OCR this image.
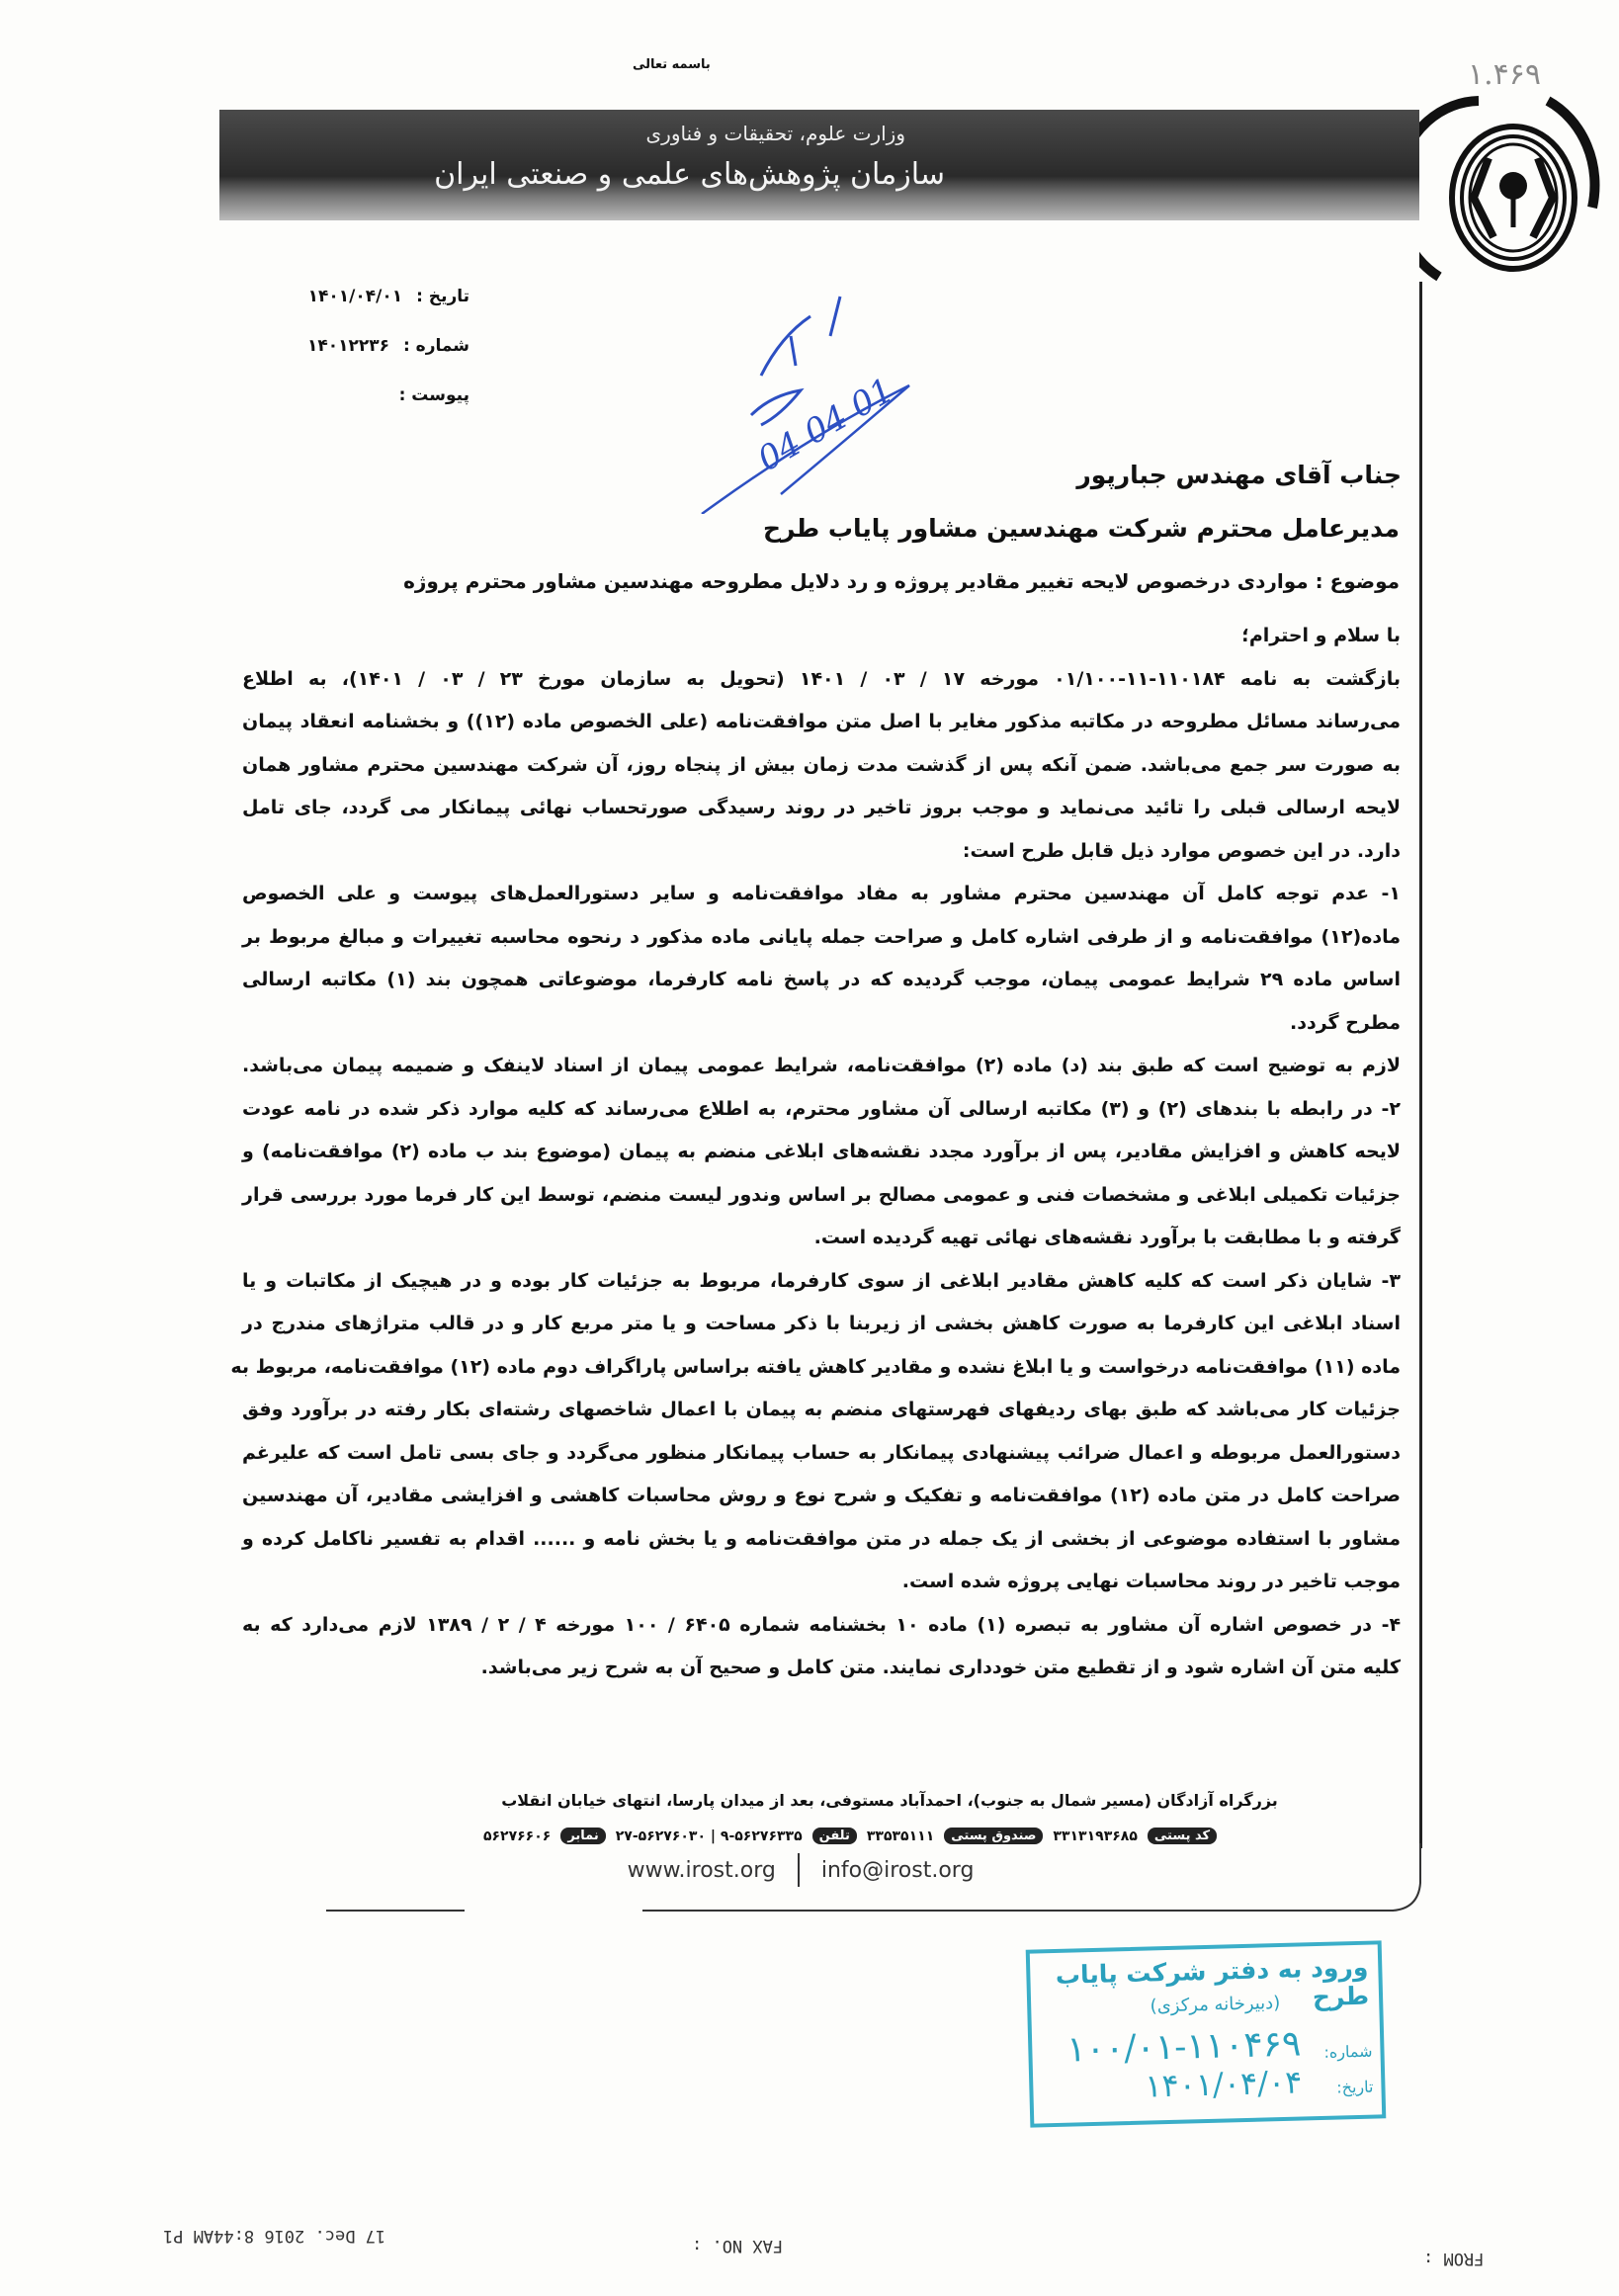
باسمه تعالی	۱.۴۶۹
وزارت علوم، تحقیقات و فناوری
سازمان پژوهش‌های علمی و صنعتی ایران
تاریخ :۱۴۰۱/۰۴/۰۱
شماره :۱۴۰۱۲۲۳۶
پیوست :	04 04 01	جناب آقای مهندس جبارپور
مدیرعامل محترم شرکت مهندسین مشاور پایاب طرح
موضوع : مواردی درخصوص لایحه تغییر مقادیر پروژه و رد دلایل مطروحه مهندسین مشاور محترم پروژه
با سلام و احترام؛
بازگشت به نامه ۱۱۰۱۸۴-۱۱-۰۱/۱۰۰ مورخه ۱۷ / ۰۳ / ۱۴۰۱ (تحویل به سازمان مورخ ۲۳ / ۰۳ / ۱۴۰۱)، به اطلاع
می‌رساند مسائل مطروحه در مکاتبه مذکور مغایر با اصل متن موافقت‌نامه (علی الخصوص ماده (۱۲)) و بخشنامه انعقاد پیمان
به صورت سر جمع می‌باشد. ضمن آنکه پس از گذشت مدت زمان بیش از پنجاه روز، آن شرکت مهندسین محترم مشاور همان
لایحه ارسالی قبلی را تائید می‌نماید و موجب بروز تاخیر در روند رسیدگی صورتحساب نهائی پیمانکار می گردد، جای تامل
دارد. در این خصوص موارد ذیل قابل طرح است:
۱- عدم توجه کامل آن مهندسین محترم مشاور به مفاد موافقت‌نامه و سایر دستورالعمل‌های پیوست و علی الخصوص
ماده(۱۲) موافقت‌نامه و از طرفی اشاره کامل و صراحت جمله پایانی ماده مذکور د رنحوه محاسبه تغییرات و مبالغ مربوط بر
اساس ماده ۲۹ شرایط عمومی پیمان، موجب گردیده که در پاسخ نامه کارفرما، موضوعاتی همچون بند (۱) مکاتبه ارسالی
مطرح گردد.
لازم به توضیح است که طبق بند (د) ماده (۲) موافقت‌نامه، شرایط عمومی پیمان از اسناد لاینفک و ضمیمه پیمان می‌باشد.
۲- در رابطه با بندهای (۲) و (۳) مکاتبه ارسالی آن مشاور محترم، به اطلاع می‌رساند که کلیه موارد ذکر شده در نامه عودت
لایحه کاهش و افزایش مقادیر، پس از برآورد مجدد نقشه‌های ابلاغی منضم به پیمان (موضوع بند ب ماده (۲) موافقت‌نامه) و
جزئیات تکمیلی ابلاغی و مشخصات فنی و عمومی مصالح بر اساس وندور لیست منضم، توسط این کار فرما مورد بررسی قرار
گرفته و با مطابقت با برآورد نقشه‌های نهائی تهیه گردیده است.
۳- شایان ذکر است که کلیه کاهش مقادیر ابلاغی از سوی کارفرما، مربوط به جزئیات کار بوده و در هیچیک از مکاتبات و یا
اسناد ابلاغی این کارفرما به صورت کاهش بخشی از زیربنا با ذکر مساحت و یا متر مربع کار و در قالب متراژهای مندرج در
ماده (۱۱) موافقت‌نامه درخواست و یا ابلاغ نشده و مقادیر کاهش یافته براساس پاراگراف دوم ماده (۱۲) موافقت‌نامه، مربوط به
جزئیات کار می‌باشد که طبق بهای ردیفهای فهرستهای منضم به پیمان با اعمال شاخصهای رشته‌ای بکار رفته در برآورد وفق
دستورالعمل مربوطه و اعمال ضرائب پیشنهادی پیمانکار به حساب پیمانکار منظور می‌گردد و جای بسی تامل است که علیرغم
صراحت کامل در متن ماده (۱۲) موافقت‌نامه و تفکیک و شرح نوع و روش محاسبات کاهشی و افزایشی مقادیر، آن مهندسین
مشاور با استفاده موضوعی از بخشی از یک جمله در متن موافقت‌نامه و یا بخش نامه و ...... اقدام به تفسیر ناکامل کرده و
موجب تاخیر در روند محاسبات نهایی پروژه شده است.
۴- در خصوص اشاره آن مشاور به تبصره (۱) ماده ۱۰ بخشنامه شماره ۶۴۰۵ / ۱۰۰ مورخه ۴ / ۲ / ۱۳۸۹ لازم می‌دارد که به
کلیه متن آن اشاره شود و از تقطیع متن خودداری نمایند. متن کامل و صحیح آن به شرح زیر می‌باشد.
بزرگراه آزادگان (مسیر شمال به جنوب)، احمدآباد مستوفی، بعد از میدان پارسا، انتهای خیابان انقلاب
کد پستی
۳۳۱۳۱۹۳۶۸۵
صندوق پستی
۳۳۵۳۵۱۱۱
تلفن
۹-۵۶۲۷۶۳۳۵ | ۲۷-۵۶۲۷۶۰۳۰
نمابر
۵۶۲۷۶۶۰۶
www.irost.org info@irost.org
ورود به دفتر شرکت پایاب طرح
(دبیرخانه مرکزی)
شماره:
۱۰۰/۰۱-۱۱۰۴۶۹
تاریخ:
۱۴۰۱/۰۴/۰۴
17 Dec. 2016 8:44AM P1	FAX NO. :
FROM :
